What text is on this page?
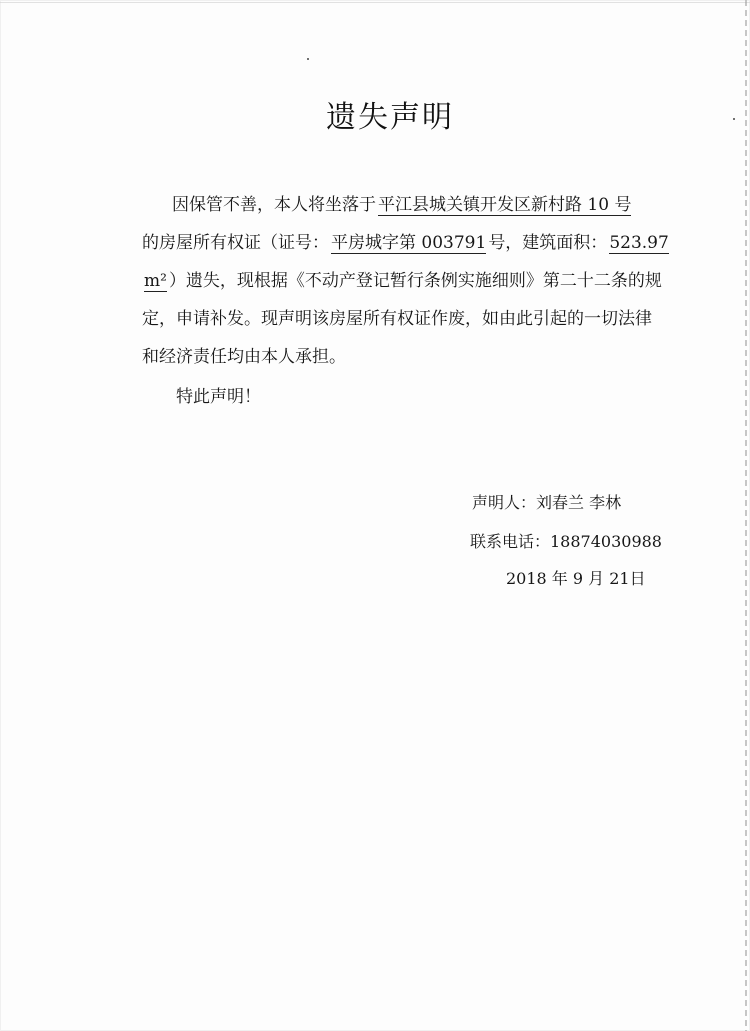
遗失声明
因保管不善，本人将坐落于 平江县城关镇开发区新村路 10 号
的房屋所有权证（证号： 平房城字第 003791 号，建筑面积： 523.97
m² ）遗失，现根据《不动产登记暂行条例实施细则》第二十二条的规
定，申请补发。现声明该房屋所有权证作废，如由此引起的一切法律
和经济责任均由本人承担。
特此声明！
声明人：刘春兰 李林
联系电话：18874030988
2018 年 9 月 21日
